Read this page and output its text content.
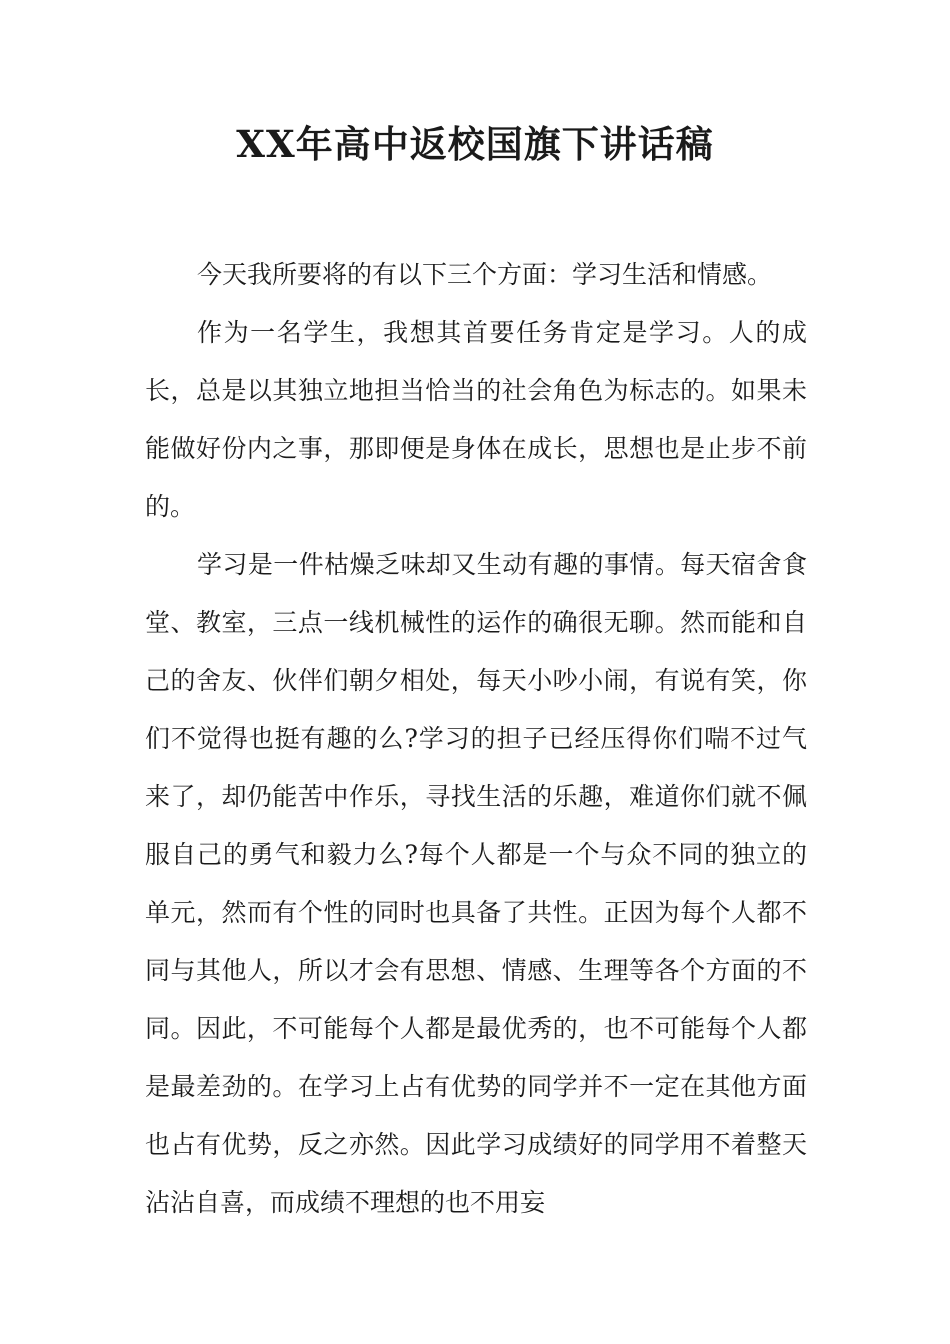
XX年高中返校国旗下讲话稿

今天我所要将的有以下三个方面：学习生活和情感。

作为一名学生，我想其首要任务肯定是学习。人的成长，总是以其独立地担当恰当的社会角色为标志的。如果未能做好份内之事，那即便是身体在成长，思想也是止步不前的。

学习是一件枯燥乏味却又生动有趣的事情。每天宿舍食堂、教室，三点一线机械性的运作的确很无聊。然而能和自己的舍友、伙伴们朝夕相处，每天小吵小闹，有说有笑，你们不觉得也挺有趣的么?学习的担子已经压得你们喘不过气来了，却仍能苦中作乐，寻找生活的乐趣，难道你们就不佩服自己的勇气和毅力么?每个人都是一个与众不同的独立的单元，然而有个性的同时也具备了共性。正因为每个人都不同与其他人，所以才会有思想、情感、生理等各个方面的不同。因此，不可能每个人都是最优秀的，也不可能每个人都是最差劲的。在学习上占有优势的同学并不一定在其他方面也占有优势，反之亦然。因此学习成绩好的同学用不着整天沾沾自喜，而成绩不理想的也不用妄
